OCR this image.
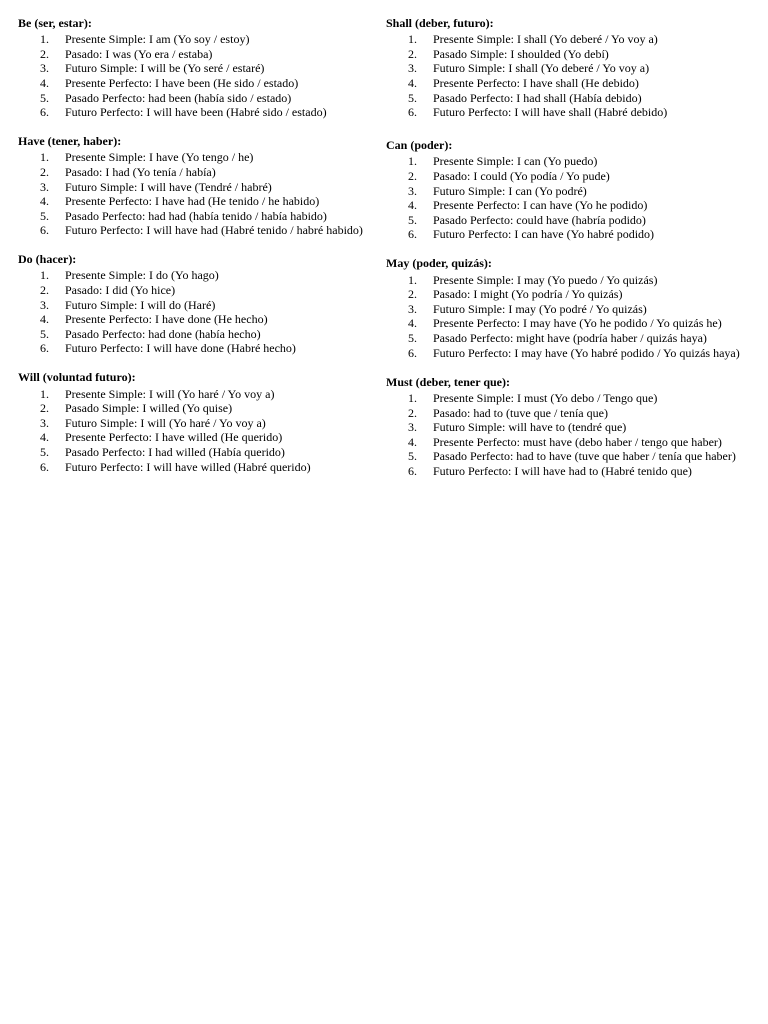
Be (ser, estar):
1. Presente Simple: I am (Yo soy / estoy)
2. Pasado: I was (Yo era / estaba)
3. Futuro Simple: I will be (Yo seré / estaré)
4. Presente Perfecto: I have been (He sido / estado)
5. Pasado Perfecto: had been (había sido / estado)
6. Futuro Perfecto: I will have been (Habré sido / estado)
Have (tener, haber):
1. Presente Simple: I have (Yo tengo / he)
2. Pasado: I had (Yo tenía / había)
3. Futuro Simple: I will have (Tendré / habré)
4. Presente Perfecto: I have had (He tenido / he habido)
5. Pasado Perfecto: had had (había tenido / había habido)
6. Futuro Perfecto: I will have had (Habré tenido / habré habido)
Do (hacer):
1. Presente Simple: I do (Yo hago)
2. Pasado: I did (Yo hice)
3. Futuro Simple: I will do (Haré)
4. Presente Perfecto: I have done (He hecho)
5. Pasado Perfecto: had done (había hecho)
6. Futuro Perfecto: I will have done (Habré hecho)
Will (voluntad futuro):
1. Presente Simple: I will (Yo haré / Yo voy a)
2. Pasado Simple: I willed (Yo quise)
3. Futuro Simple: I will (Yo haré / Yo voy a)
4. Presente Perfecto: I have willed (He querido)
5. Pasado Perfecto: I had willed (Había querido)
6. Futuro Perfecto: I will have willed (Habré querido)
Shall (deber, futuro):
1. Presente Simple: I shall (Yo deberé / Yo voy a)
2. Pasado Simple: I shoulded (Yo debí)
3. Futuro Simple: I shall (Yo deberé / Yo voy a)
4. Presente Perfecto: I have shall (He debido)
5. Pasado Perfecto: I had shall (Había debido)
6. Futuro Perfecto: I will have shall (Habré debido)
Can (poder):
1. Presente Simple: I can (Yo puedo)
2. Pasado: I could (Yo podía / Yo pude)
3. Futuro Simple: I can (Yo podré)
4. Presente Perfecto: I can have (Yo he podido)
5. Pasado Perfecto: could have (habría podido)
6. Futuro Perfecto: I can have (Yo habré podido)
May (poder, quizás):
1. Presente Simple: I may (Yo puedo / Yo quizás)
2. Pasado: I might (Yo podría / Yo quizás)
3. Futuro Simple: I may (Yo podré / Yo quizás)
4. Presente Perfecto: I may have (Yo he podido / Yo quizás he)
5. Pasado Perfecto: might have (podría haber / quizás haya)
6. Futuro Perfecto: I may have (Yo habré podido / Yo quizás haya)
Must (deber, tener que):
1. Presente Simple: I must (Yo debo / Tengo que)
2. Pasado: had to (tuve que / tenía que)
3. Futuro Simple: will have to (tendré que)
4. Presente Perfecto: must have (debo haber / tengo que haber)
5. Pasado Perfecto: had to have (tuve que haber / tenía que haber)
6. Futuro Perfecto: I will have had to (Habré tenido que)
